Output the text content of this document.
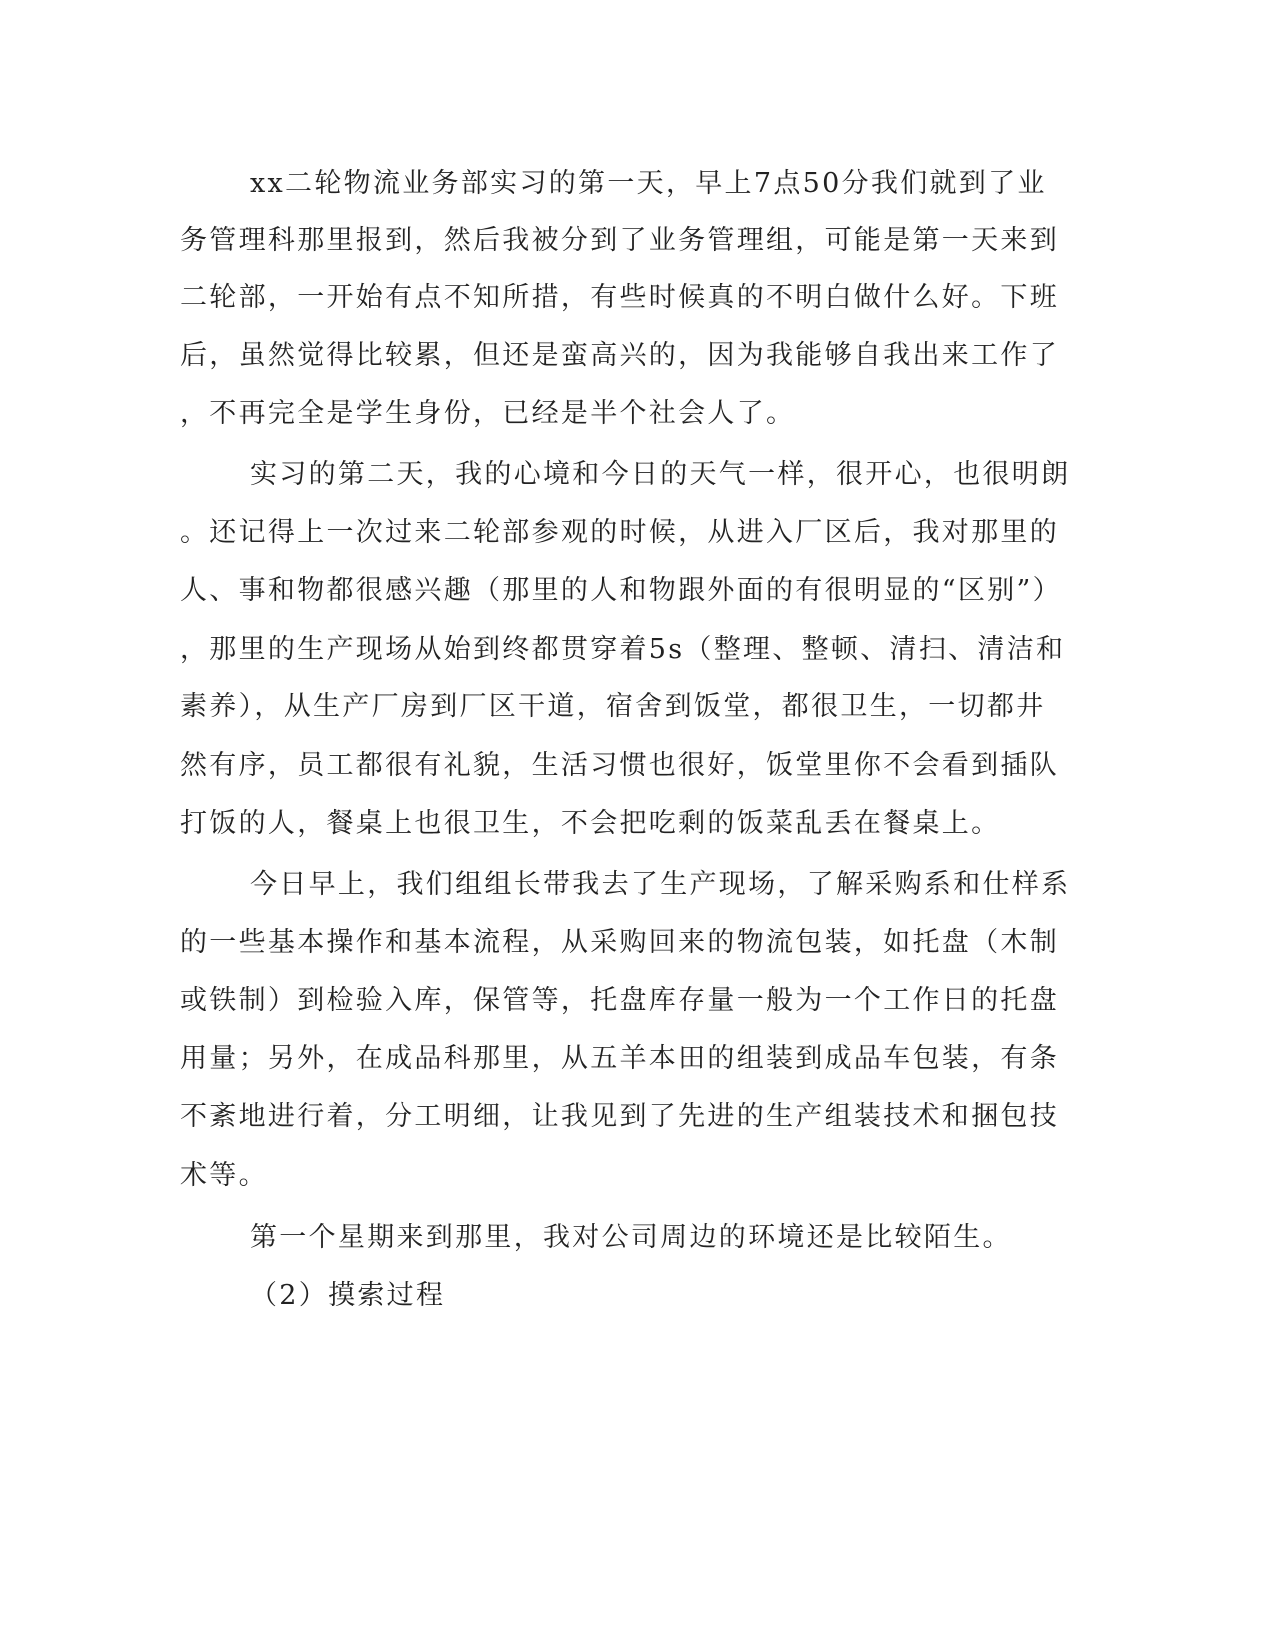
xx二轮物流业务部实习的第一天，早上7点50分我们就到了业
务管理科那里报到，然后我被分到了业务管理组，可能是第一天来到
二轮部，一开始有点不知所措，有些时候真的不明白做什么好。下班
后，虽然觉得比较累，但还是蛮高兴的，因为我能够自我出来工作了
，不再完全是学生身份，已经是半个社会人了。
实习的第二天，我的心境和今日的天气一样，很开心，也很明朗
。还记得上一次过来二轮部参观的时候，从进入厂区后，我对那里的
人、事和物都很感兴趣（那里的人和物跟外面的有很明显的“区别”）
，那里的生产现场从始到终都贯穿着5s（整理、整顿、清扫、清洁和
素养），从生产厂房到厂区干道，宿舍到饭堂，都很卫生，一切都井
然有序，员工都很有礼貌，生活习惯也很好，饭堂里你不会看到插队
打饭的人，餐桌上也很卫生，不会把吃剩的饭菜乱丢在餐桌上。
今日早上，我们组组长带我去了生产现场，了解采购系和仕样系
的一些基本操作和基本流程，从采购回来的物流包装，如托盘（木制
或铁制）到检验入库，保管等，托盘库存量一般为一个工作日的托盘
用量；另外，在成品科那里，从五羊本田的组装到成品车包装，有条
不紊地进行着，分工明细，让我见到了先进的生产组装技术和捆包技
术等。
第一个星期来到那里，我对公司周边的环境还是比较陌生。
（2）摸索过程
